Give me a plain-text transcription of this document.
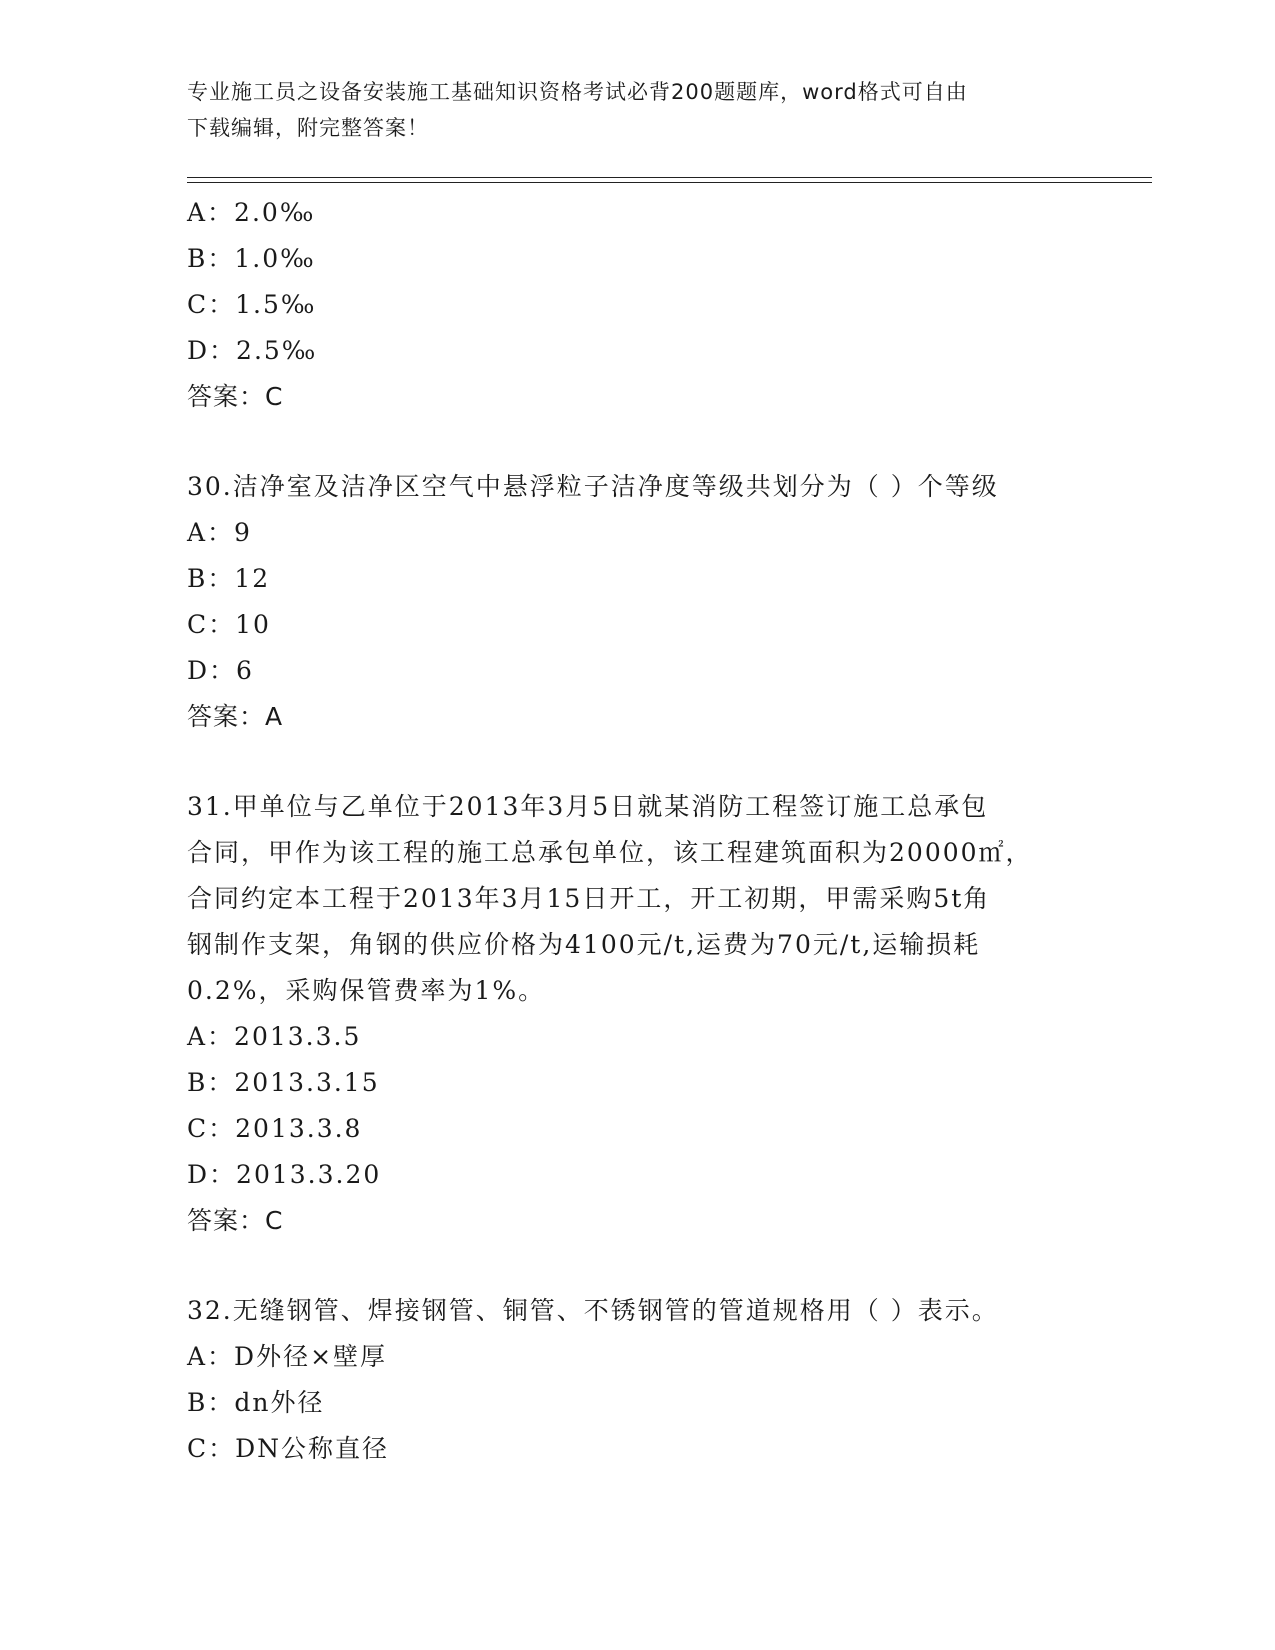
专业施工员之设备安装施工基础知识资格考试必背200题题库，word格式可自由
下载编辑，附完整答案！
A：2.0‰
B：1.0‰
C：1.5‰
D：2.5‰
答案：C
30.洁净室及洁净区空气中悬浮粒子洁净度等级共划分为（ ）个等级
A：9
B：12
C：10
D：6
答案：A
31.甲单位与乙单位于2013年3月5日就某消防工程签订施工总承包
合同，甲作为该工程的施工总承包单位，该工程建筑面积为20000㎡，
合同约定本工程于2013年3月15日开工，开工初期，甲需采购5t角
钢制作支架，角钢的供应价格为4100元/t,运费为70元/t,运输损耗
0.2%，采购保管费率为1%。
A：2013.3.5
B：2013.3.15
C：2013.3.8
D：2013.3.20
答案：C
32.无缝钢管、焊接钢管、铜管、不锈钢管的管道规格用（ ）表示。
A：D外径×壁厚
B：dn外径
C：DN公称直径
